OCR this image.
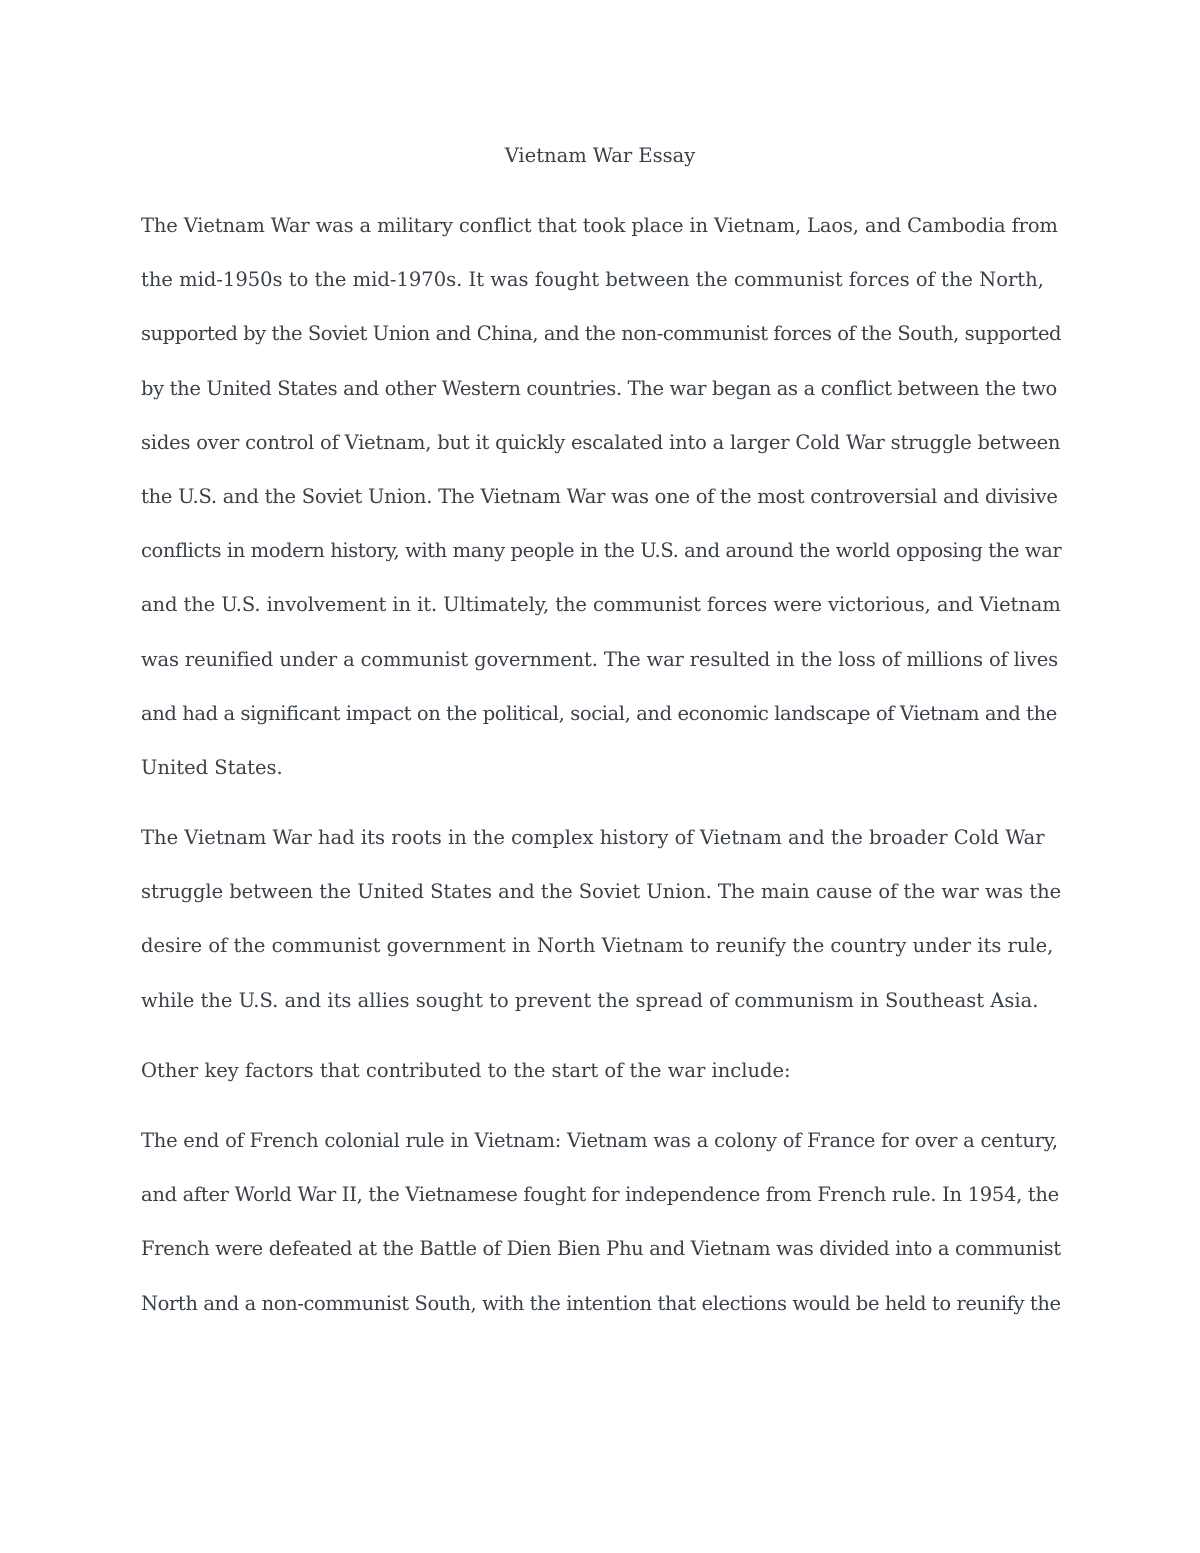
Vietnam War Essay
The Vietnam War was a military conflict that took place in Vietnam, Laos, and Cambodia from
the mid-1950s to the mid-1970s. It was fought between the communist forces of the North,
supported by the Soviet Union and China, and the non-communist forces of the South, supported
by the United States and other Western countries. The war began as a conflict between the two
sides over control of Vietnam, but it quickly escalated into a larger Cold War struggle between
the U.S. and the Soviet Union. The Vietnam War was one of the most controversial and divisive
conflicts in modern history, with many people in the U.S. and around the world opposing the war
and the U.S. involvement in it. Ultimately, the communist forces were victorious, and Vietnam
was reunified under a communist government. The war resulted in the loss of millions of lives
and had a significant impact on the political, social, and economic landscape of Vietnam and the
United States.
The Vietnam War had its roots in the complex history of Vietnam and the broader Cold War
struggle between the United States and the Soviet Union. The main cause of the war was the
desire of the communist government in North Vietnam to reunify the country under its rule,
while the U.S. and its allies sought to prevent the spread of communism in Southeast Asia.
Other key factors that contributed to the start of the war include:
The end of French colonial rule in Vietnam: Vietnam was a colony of France for over a century,
and after World War II, the Vietnamese fought for independence from French rule. In 1954, the
French were defeated at the Battle of Dien Bien Phu and Vietnam was divided into a communist
North and a non-communist South, with the intention that elections would be held to reunify the
